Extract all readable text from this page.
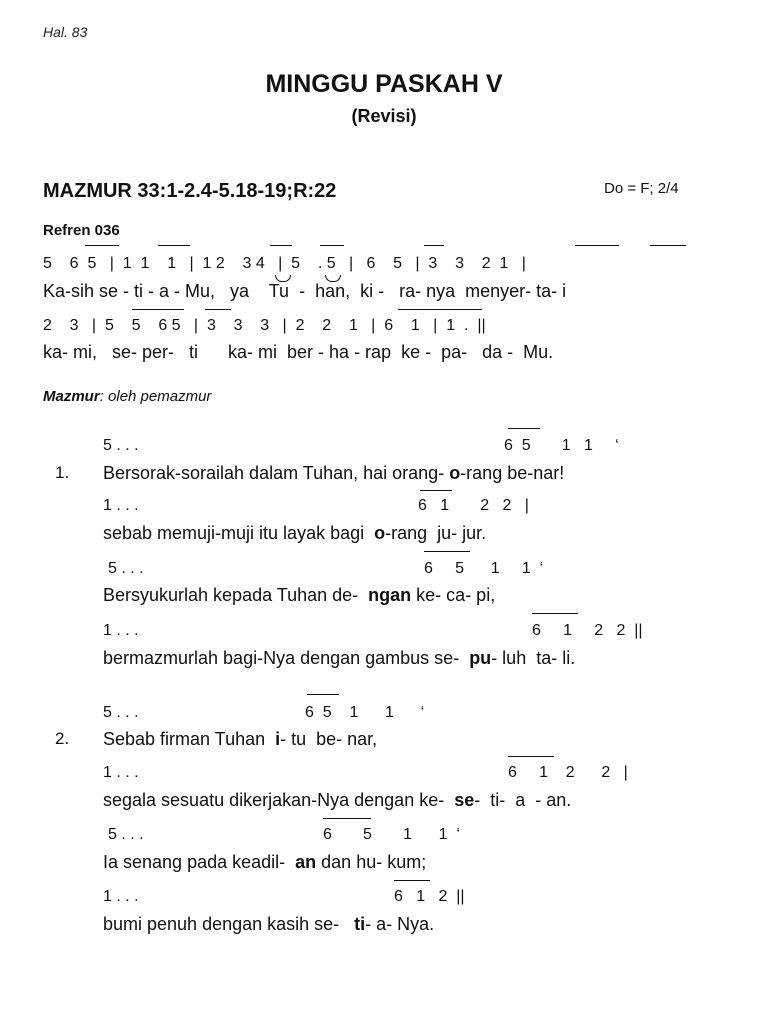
Hal. 83
MINGGU PASKAH V
(Revisi)
MAZMUR 33:1-2.4-5.18-19;R:22	Do = F; 2/4
Refren 036
5    6  5   |  1  1    1   |  1 2    3 4   |  5    . 5   |   6    5   |  3    3    2  1   |
Ka-sih se - ti - a - Mu,   ya    Tu  -  han,  ki -   ra- nya  menyer- ta- i
2    3   |  5    5    6 5   |  3    3    3   |  2    2    1   |  6    1   |  1  .  ||
ka- mi,   se- per-   ti      ka- mi  ber - ha - rap  ke -  pa-   da -  Mu.
Mazmur: oleh pemazmur
5 . . .	6  5       1   1     ‘
1. Bersorak-sorailah dalam Tuhan, hai orang- o-rang be-nar!
1 . . .	6   1       2   2   |
sebab memuji-muji itu layak bagi  o-rang  ju- jur.
5 . . .	6     5      1     1  ‘
Bersyukurlah kepada Tuhan de-  ngan ke- ca- pi,
1 . . .	6     1     2   2  ||
bermazmurlah bagi-Nya dengan gambus se-  pu- luh  ta- li.
5 . . .	6  5    1      1      ‘
2. Sebab firman Tuhan  i- tu  be- nar,
1 . . .	6     1    2      2   |
segala sesuatu dikerjakan-Nya dengan ke-  se-  ti-  a  - an.
5 . . .	6       5       1      1  ‘
Ia senang pada keadil-  an dan hu- kum;
1 . . .	6   1   2  ||
bumi penuh dengan kasih se-   ti- a- Nya.
